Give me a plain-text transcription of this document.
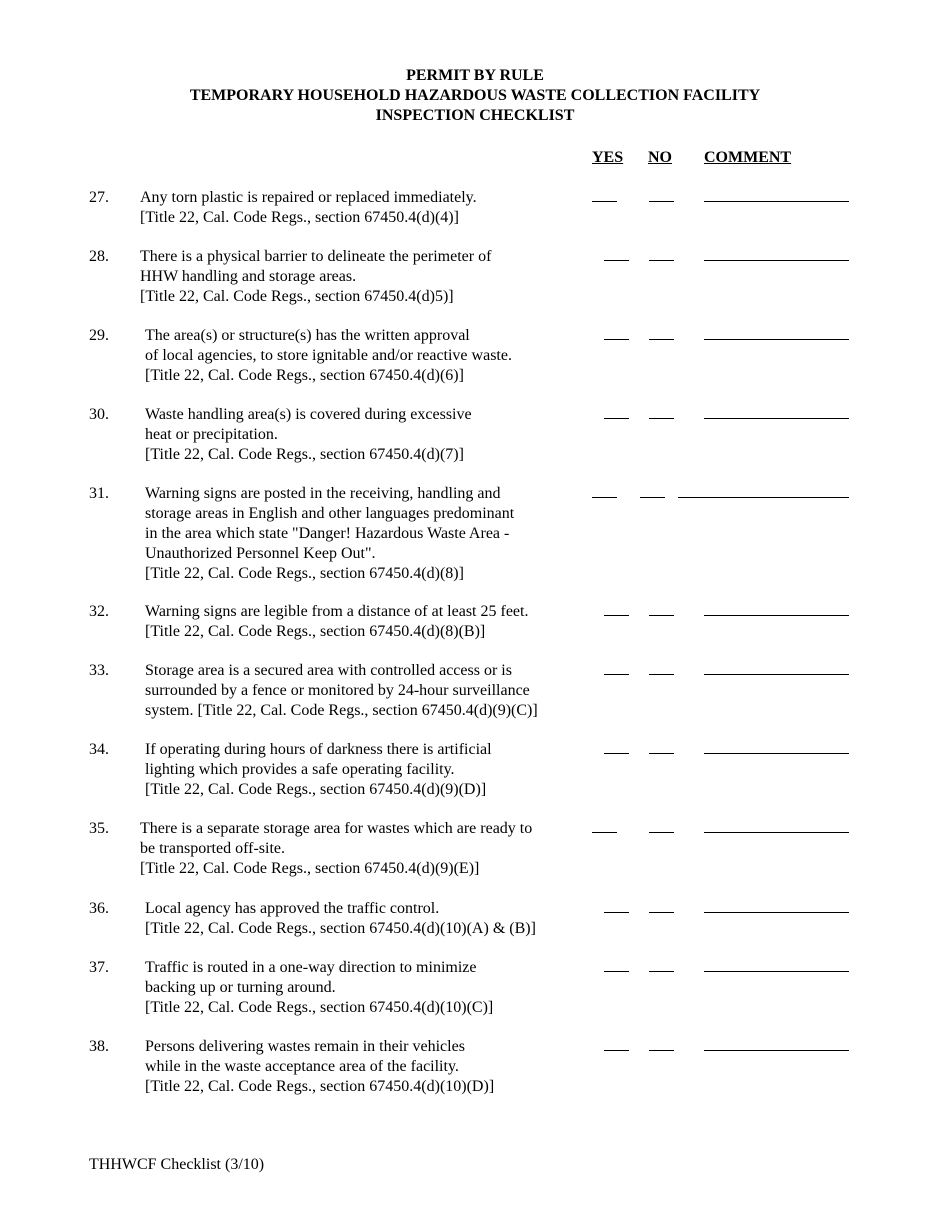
PERMIT BY RULE
TEMPORARY HOUSEHOLD HAZARDOUS WASTE COLLECTION FACILITY
INSPECTION CHECKLIST
YES NO COMMENT
27. Any torn plastic is repaired or replaced immediately.
[Title 22, Cal. Code Regs., section 67450.4(d)(4)]
28. There is a physical barrier to delineate the perimeter of
HHW handling and storage areas.
[Title 22, Cal. Code Regs., section 67450.4(d)5)]
29. The area(s) or structure(s) has the written approval
of local agencies, to store ignitable and/or reactive waste.
[Title 22, Cal. Code Regs., section 67450.4(d)(6)]
30. Waste handling area(s) is covered during excessive
heat or precipitation.
[Title 22, Cal. Code Regs., section 67450.4(d)(7)]
31. Warning signs are posted in the receiving, handling and
storage areas in English and other languages predominant
in the area which state "Danger! Hazardous Waste Area -
Unauthorized Personnel Keep Out".
[Title 22, Cal. Code Regs., section 67450.4(d)(8)]
32. Warning signs are legible from a distance of at least 25 feet.
[Title 22, Cal. Code Regs., section 67450.4(d)(8)(B)]
33. Storage area is a secured area with controlled access or is
surrounded by a fence or monitored by 24-hour surveillance
system. [Title 22, Cal. Code Regs., section 67450.4(d)(9)(C)]
34. If operating during hours of darkness there is artificial
lighting which provides a safe operating facility.
[Title 22, Cal. Code Regs., section 67450.4(d)(9)(D)]
35. There is a separate storage area for wastes which are ready to
be transported off-site.
[Title 22, Cal. Code Regs., section 67450.4(d)(9)(E)]
36. Local agency has approved the traffic control.
[Title 22, Cal. Code Regs., section 67450.4(d)(10)(A) & (B)]
37. Traffic is routed in a one-way direction to minimize
backing up or turning around.
[Title 22, Cal. Code Regs., section 67450.4(d)(10)(C)]
38. Persons delivering wastes remain in their vehicles
while in the waste acceptance area of the facility.
[Title 22, Cal. Code Regs., section 67450.4(d)(10)(D)]
THHWCF Checklist (3/10)
